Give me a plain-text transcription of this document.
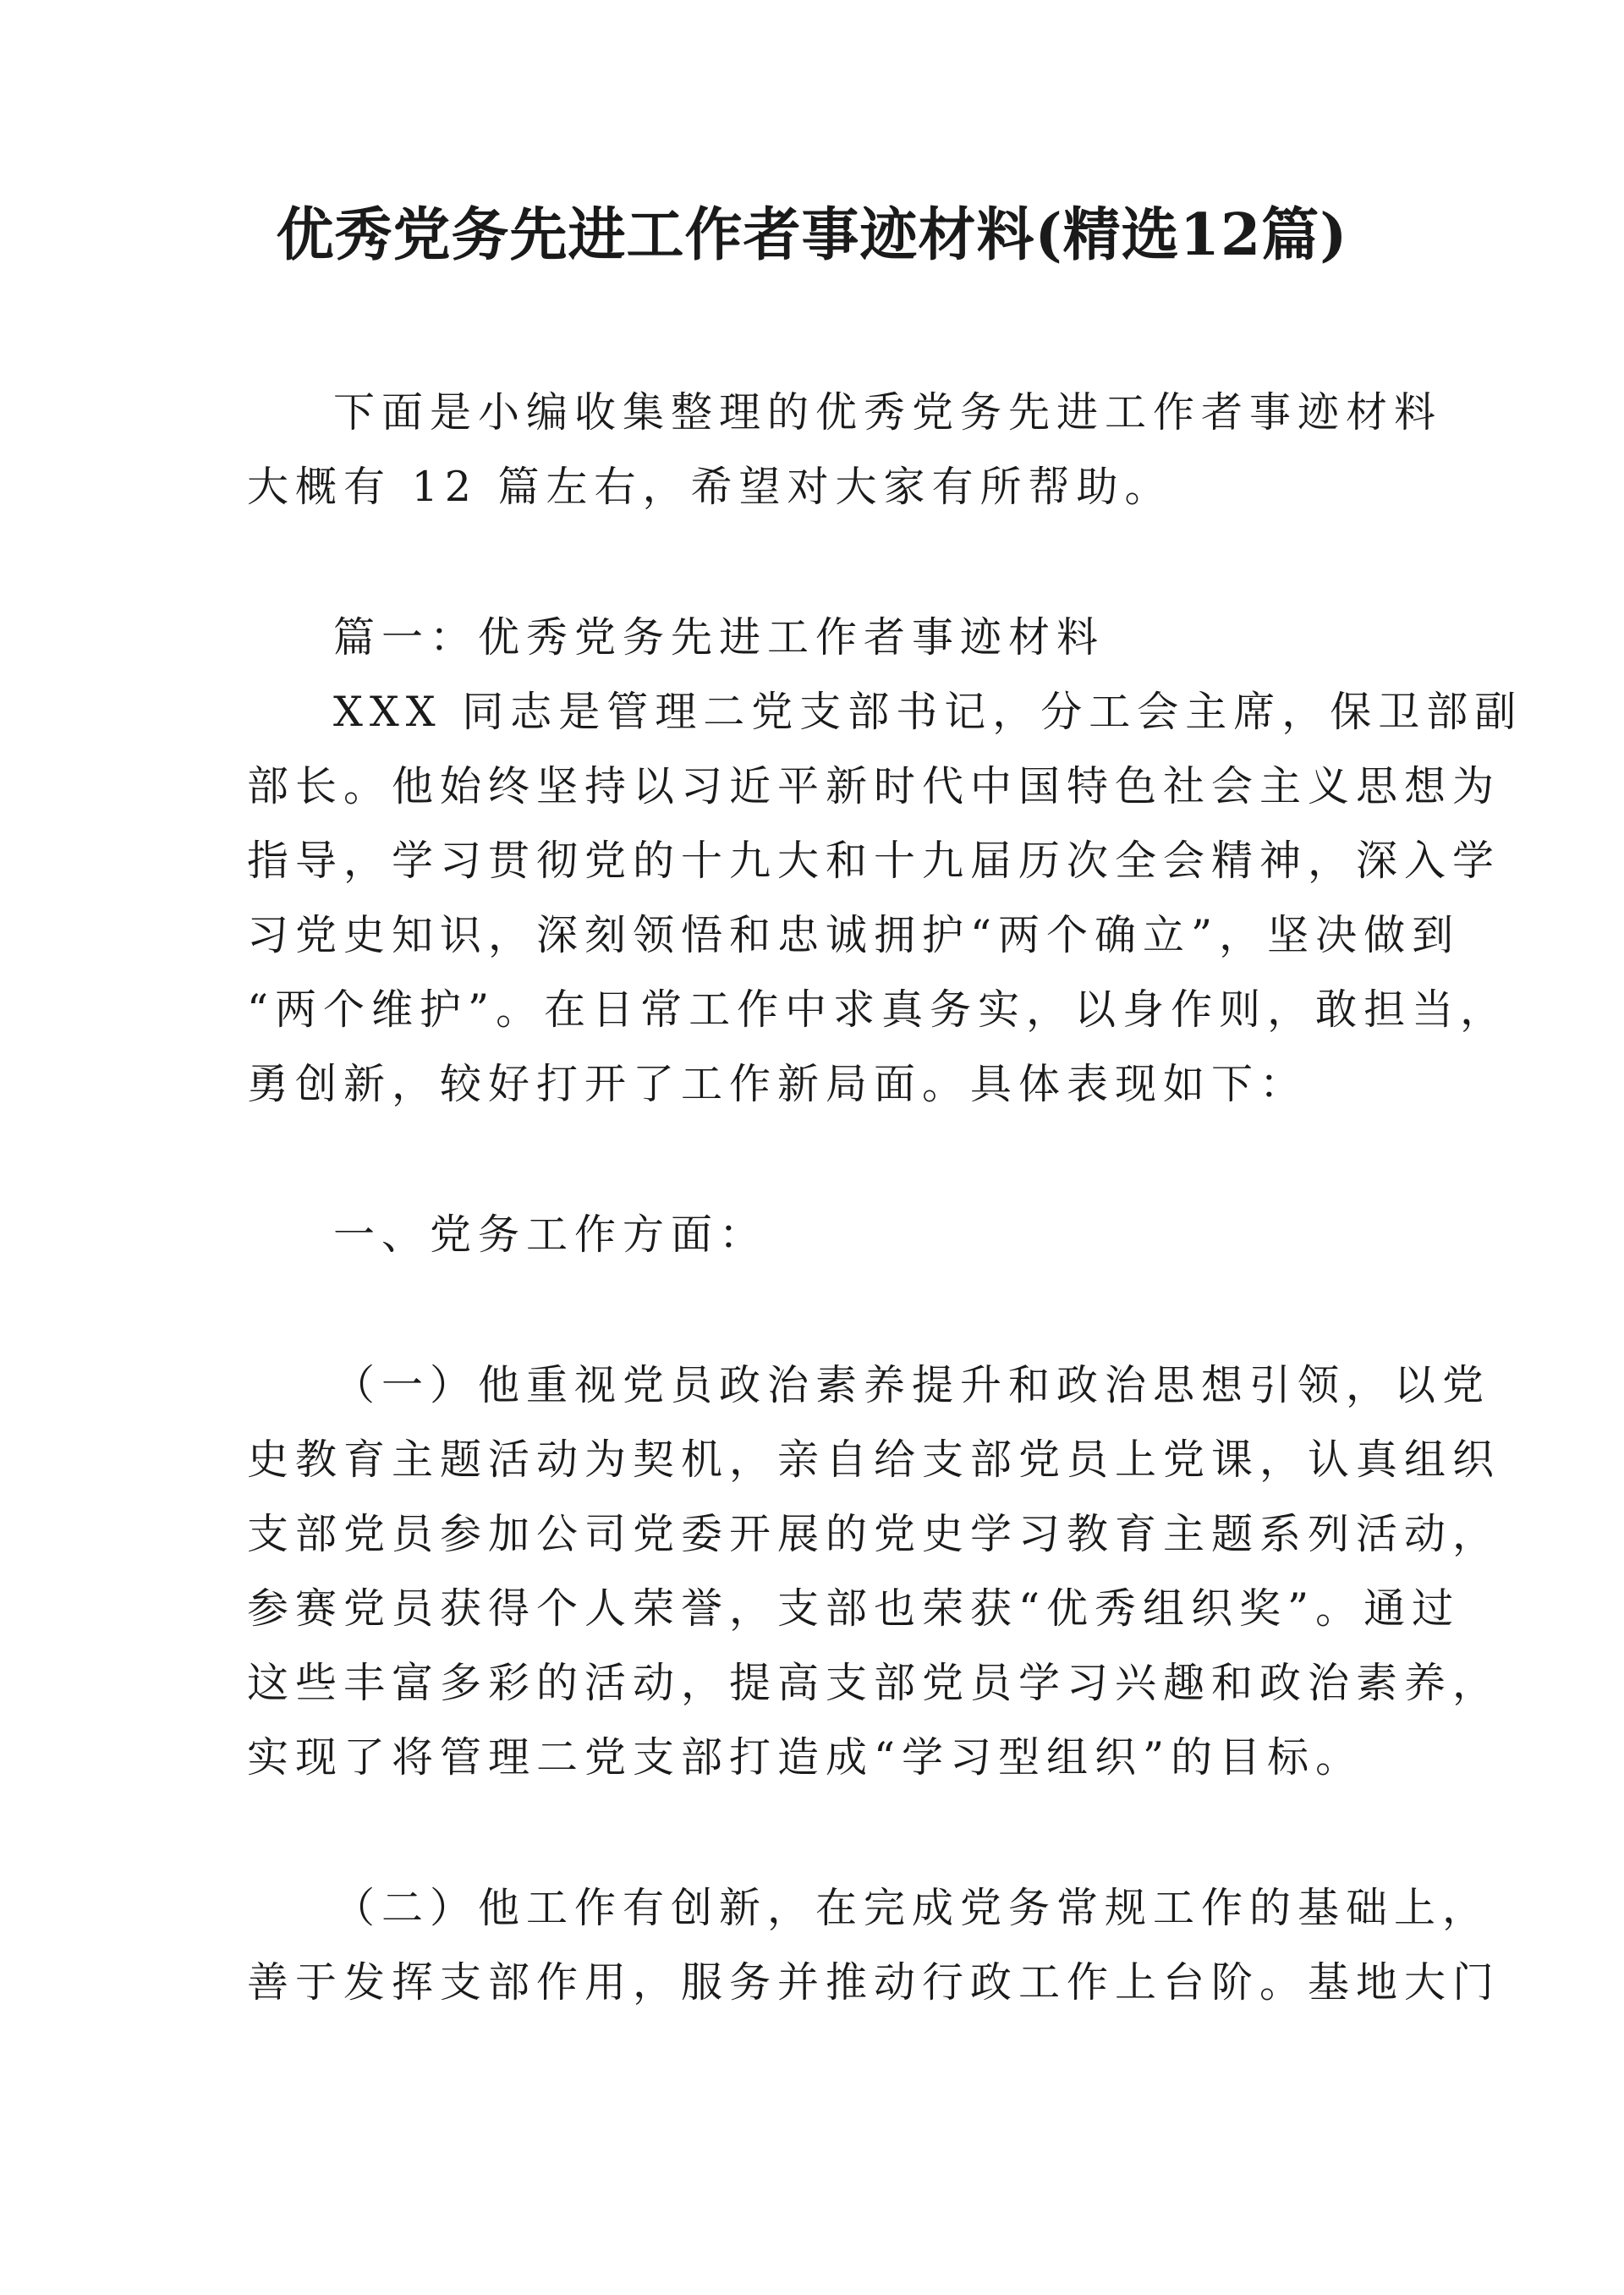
优秀党务先进工作者事迹材料(精选12篇)
下面是小编收集整理的优秀党务先进工作者事迹材料
大概有 12 篇左右，希望对大家有所帮助。
篇一：优秀党务先进工作者事迹材料
XXX 同志是管理二党支部书记，分工会主席，保卫部副
部长。他始终坚持以习近平新时代中国特色社会主义思想为
指导，学习贯彻党的十九大和十九届历次全会精神，深入学
习党史知识，深刻领悟和忠诚拥护“两个确立”，坚决做到
“两个维护”。在日常工作中求真务实，以身作则，敢担当，
勇创新，较好打开了工作新局面。具体表现如下：
一、党务工作方面：
（一）他重视党员政治素养提升和政治思想引领，以党
史教育主题活动为契机，亲自给支部党员上党课，认真组织
支部党员参加公司党委开展的党史学习教育主题系列活动，
参赛党员获得个人荣誉，支部也荣获“优秀组织奖”。通过
这些丰富多彩的活动，提高支部党员学习兴趣和政治素养，
实现了将管理二党支部打造成“学习型组织”的目标。
（二）他工作有创新，在完成党务常规工作的基础上，
善于发挥支部作用，服务并推动行政工作上台阶。基地大门
